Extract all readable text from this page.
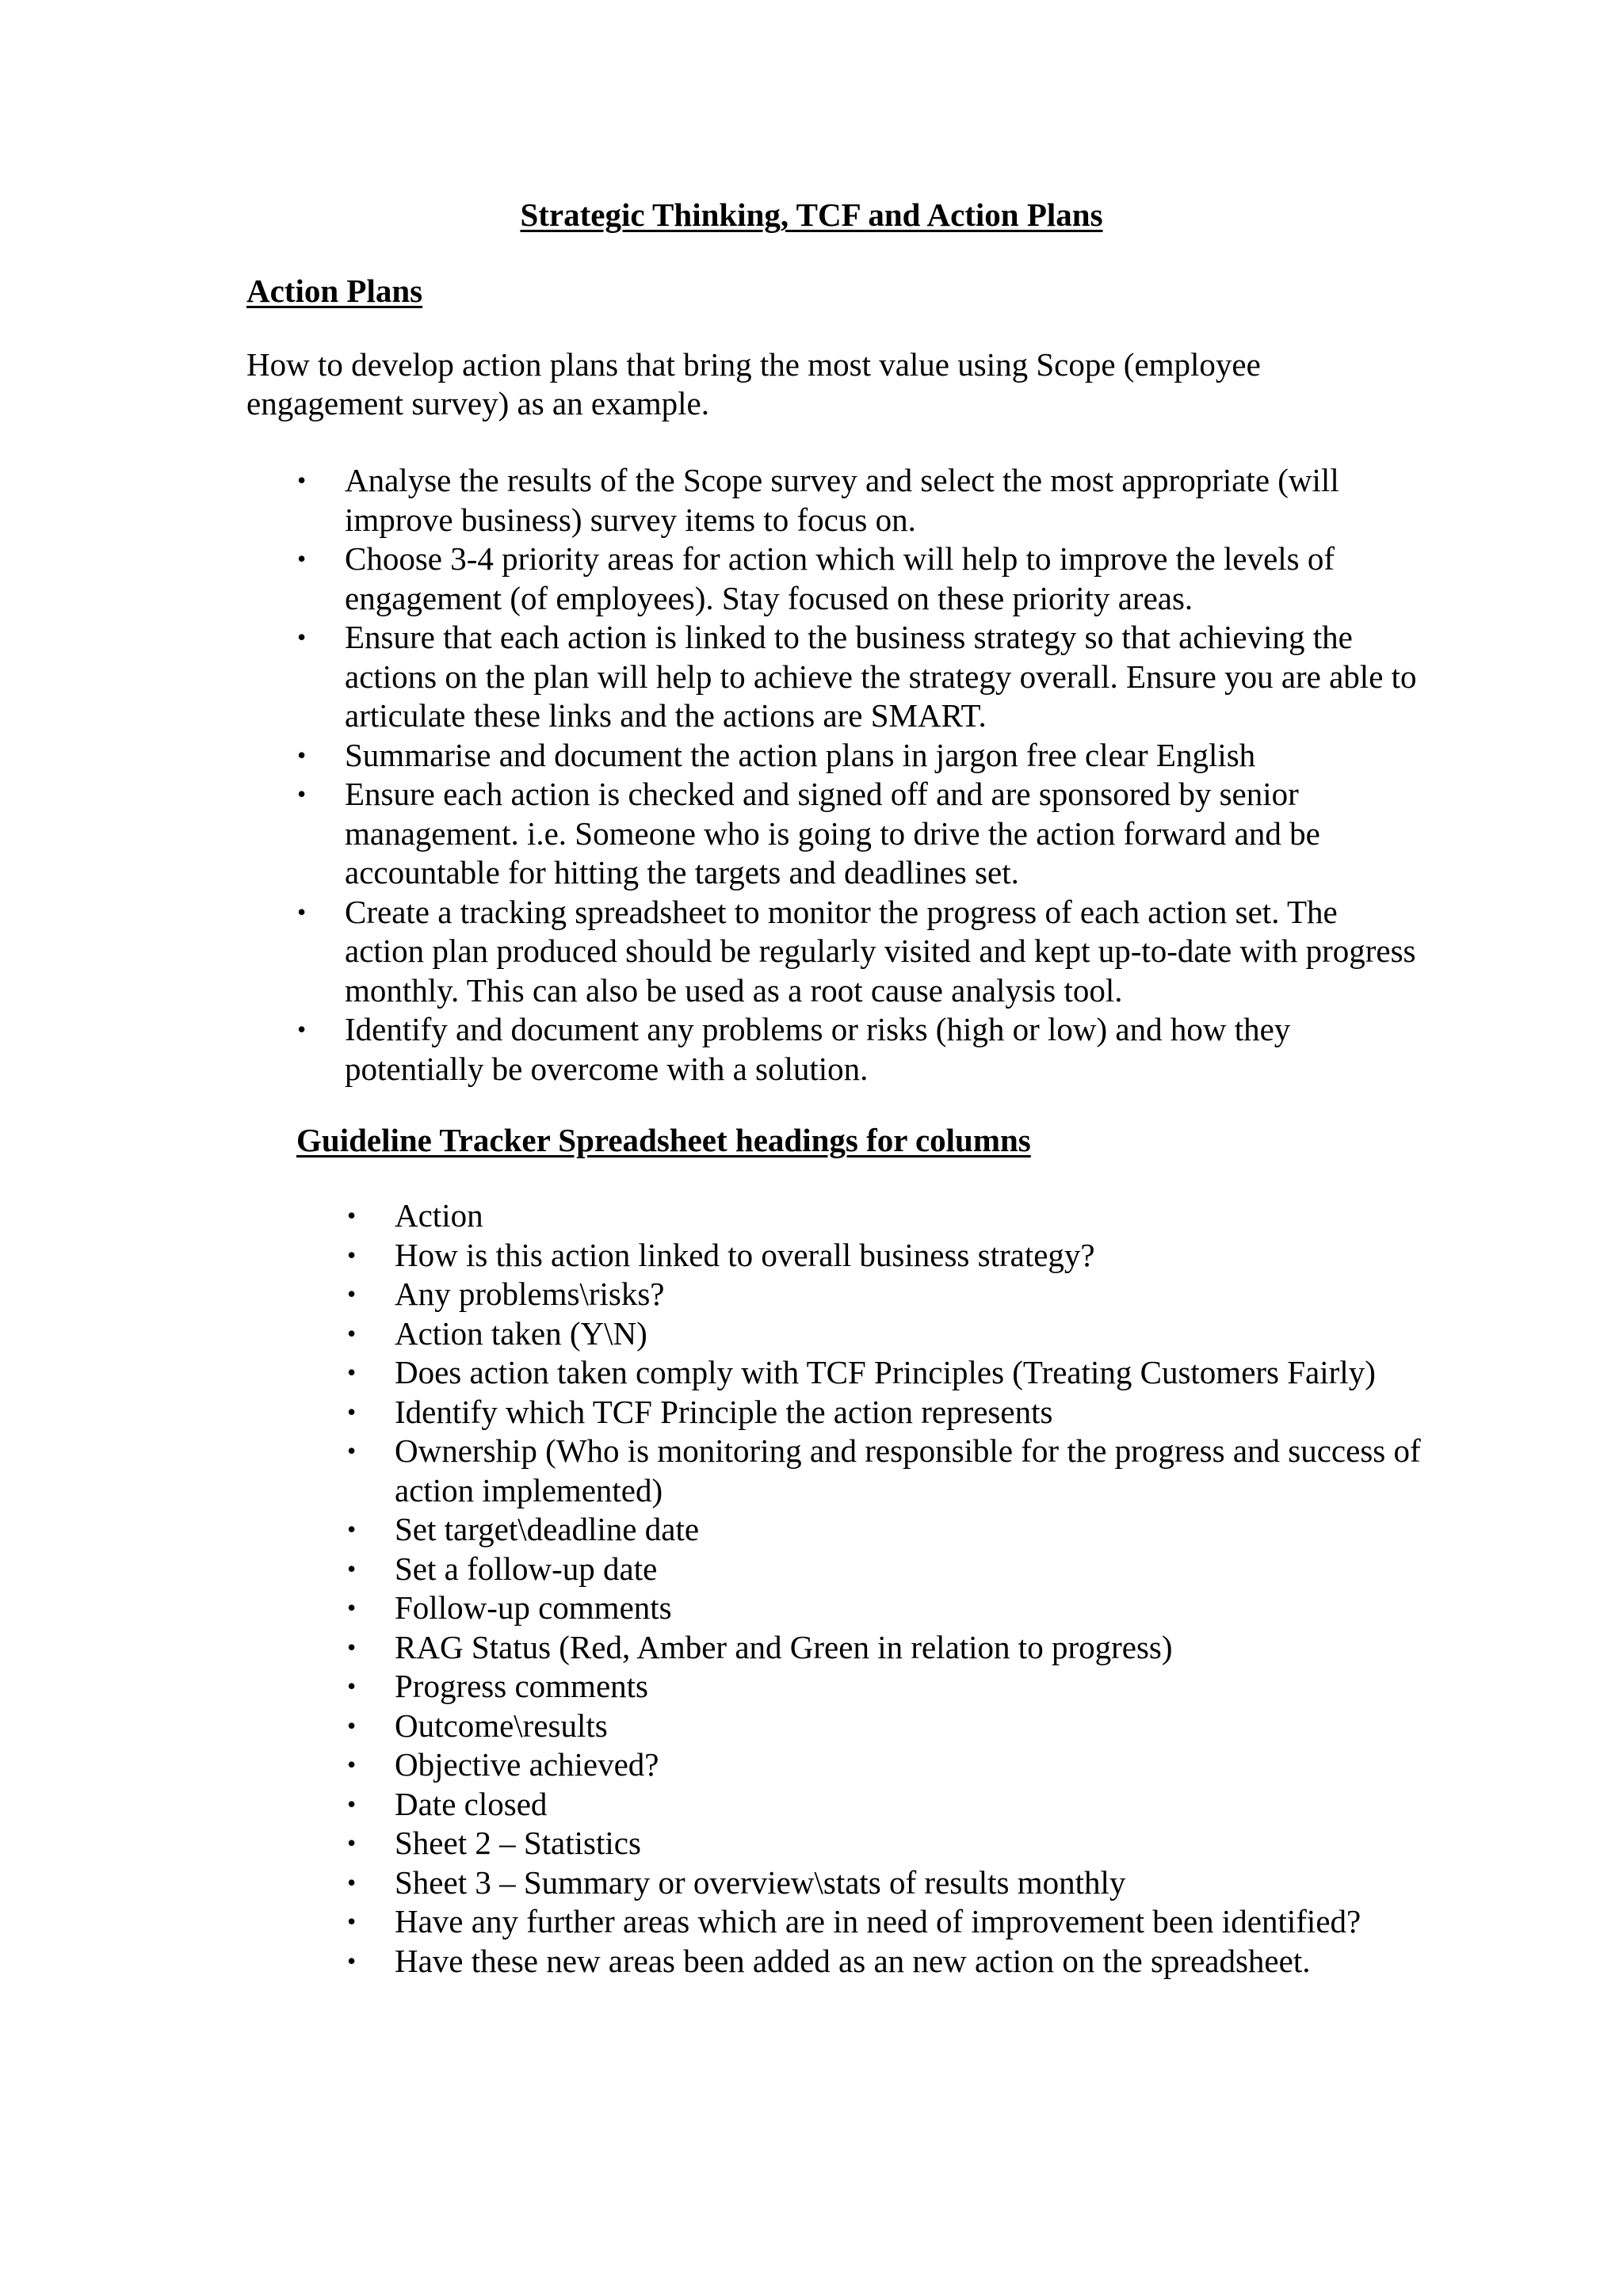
Strategic Thinking, TCF and Action Plans
Action Plans

How to develop action plans that bring the most value using Scope (employee engagement survey) as an example.

• Analyse the results of the Scope survey and select the most appropriate (will improve business) survey items to focus on.
• Choose 3-4 priority areas for action which will help to improve the levels of engagement (of employees). Stay focused on these priority areas.
• Ensure that each action is linked to the business strategy so that achieving the actions on the plan will help to achieve the strategy overall. Ensure you are able to articulate these links and the actions are SMART.
• Summarise and document the action plans in jargon free clear English
• Ensure each action is checked and signed off and are sponsored by senior management. i.e. Someone who is going to drive the action forward and be accountable for hitting the targets and deadlines set.
• Create a tracking spreadsheet to monitor the progress of each action set. The action plan produced should be regularly visited and kept up-to-date with progress monthly. This can also be used as a root cause analysis tool.
• Identify and document any problems or risks (high or low) and how they potentially be overcome with a solution.
Guideline Tracker Spreadsheet headings for columns
• Action
• How is this action linked to overall business strategy?
• Any problems\risks?
• Action taken (Y\N)
• Does action taken comply with TCF Principles (Treating Customers Fairly)
• Identify which TCF Principle the action represents
• Ownership (Who is monitoring and responsible for the progress and success of action implemented)
• Set target\deadline date
• Set a follow-up date
• Follow-up comments
• RAG Status (Red, Amber and Green in relation to progress)
• Progress comments
• Outcome\results
• Objective achieved?
• Date closed
• Sheet 2 – Statistics
• Sheet 3 – Summary or overview\stats of results monthly
• Have any further areas which are in need of improvement been identified?
• Have these new areas been added as an new action on the spreadsheet.
